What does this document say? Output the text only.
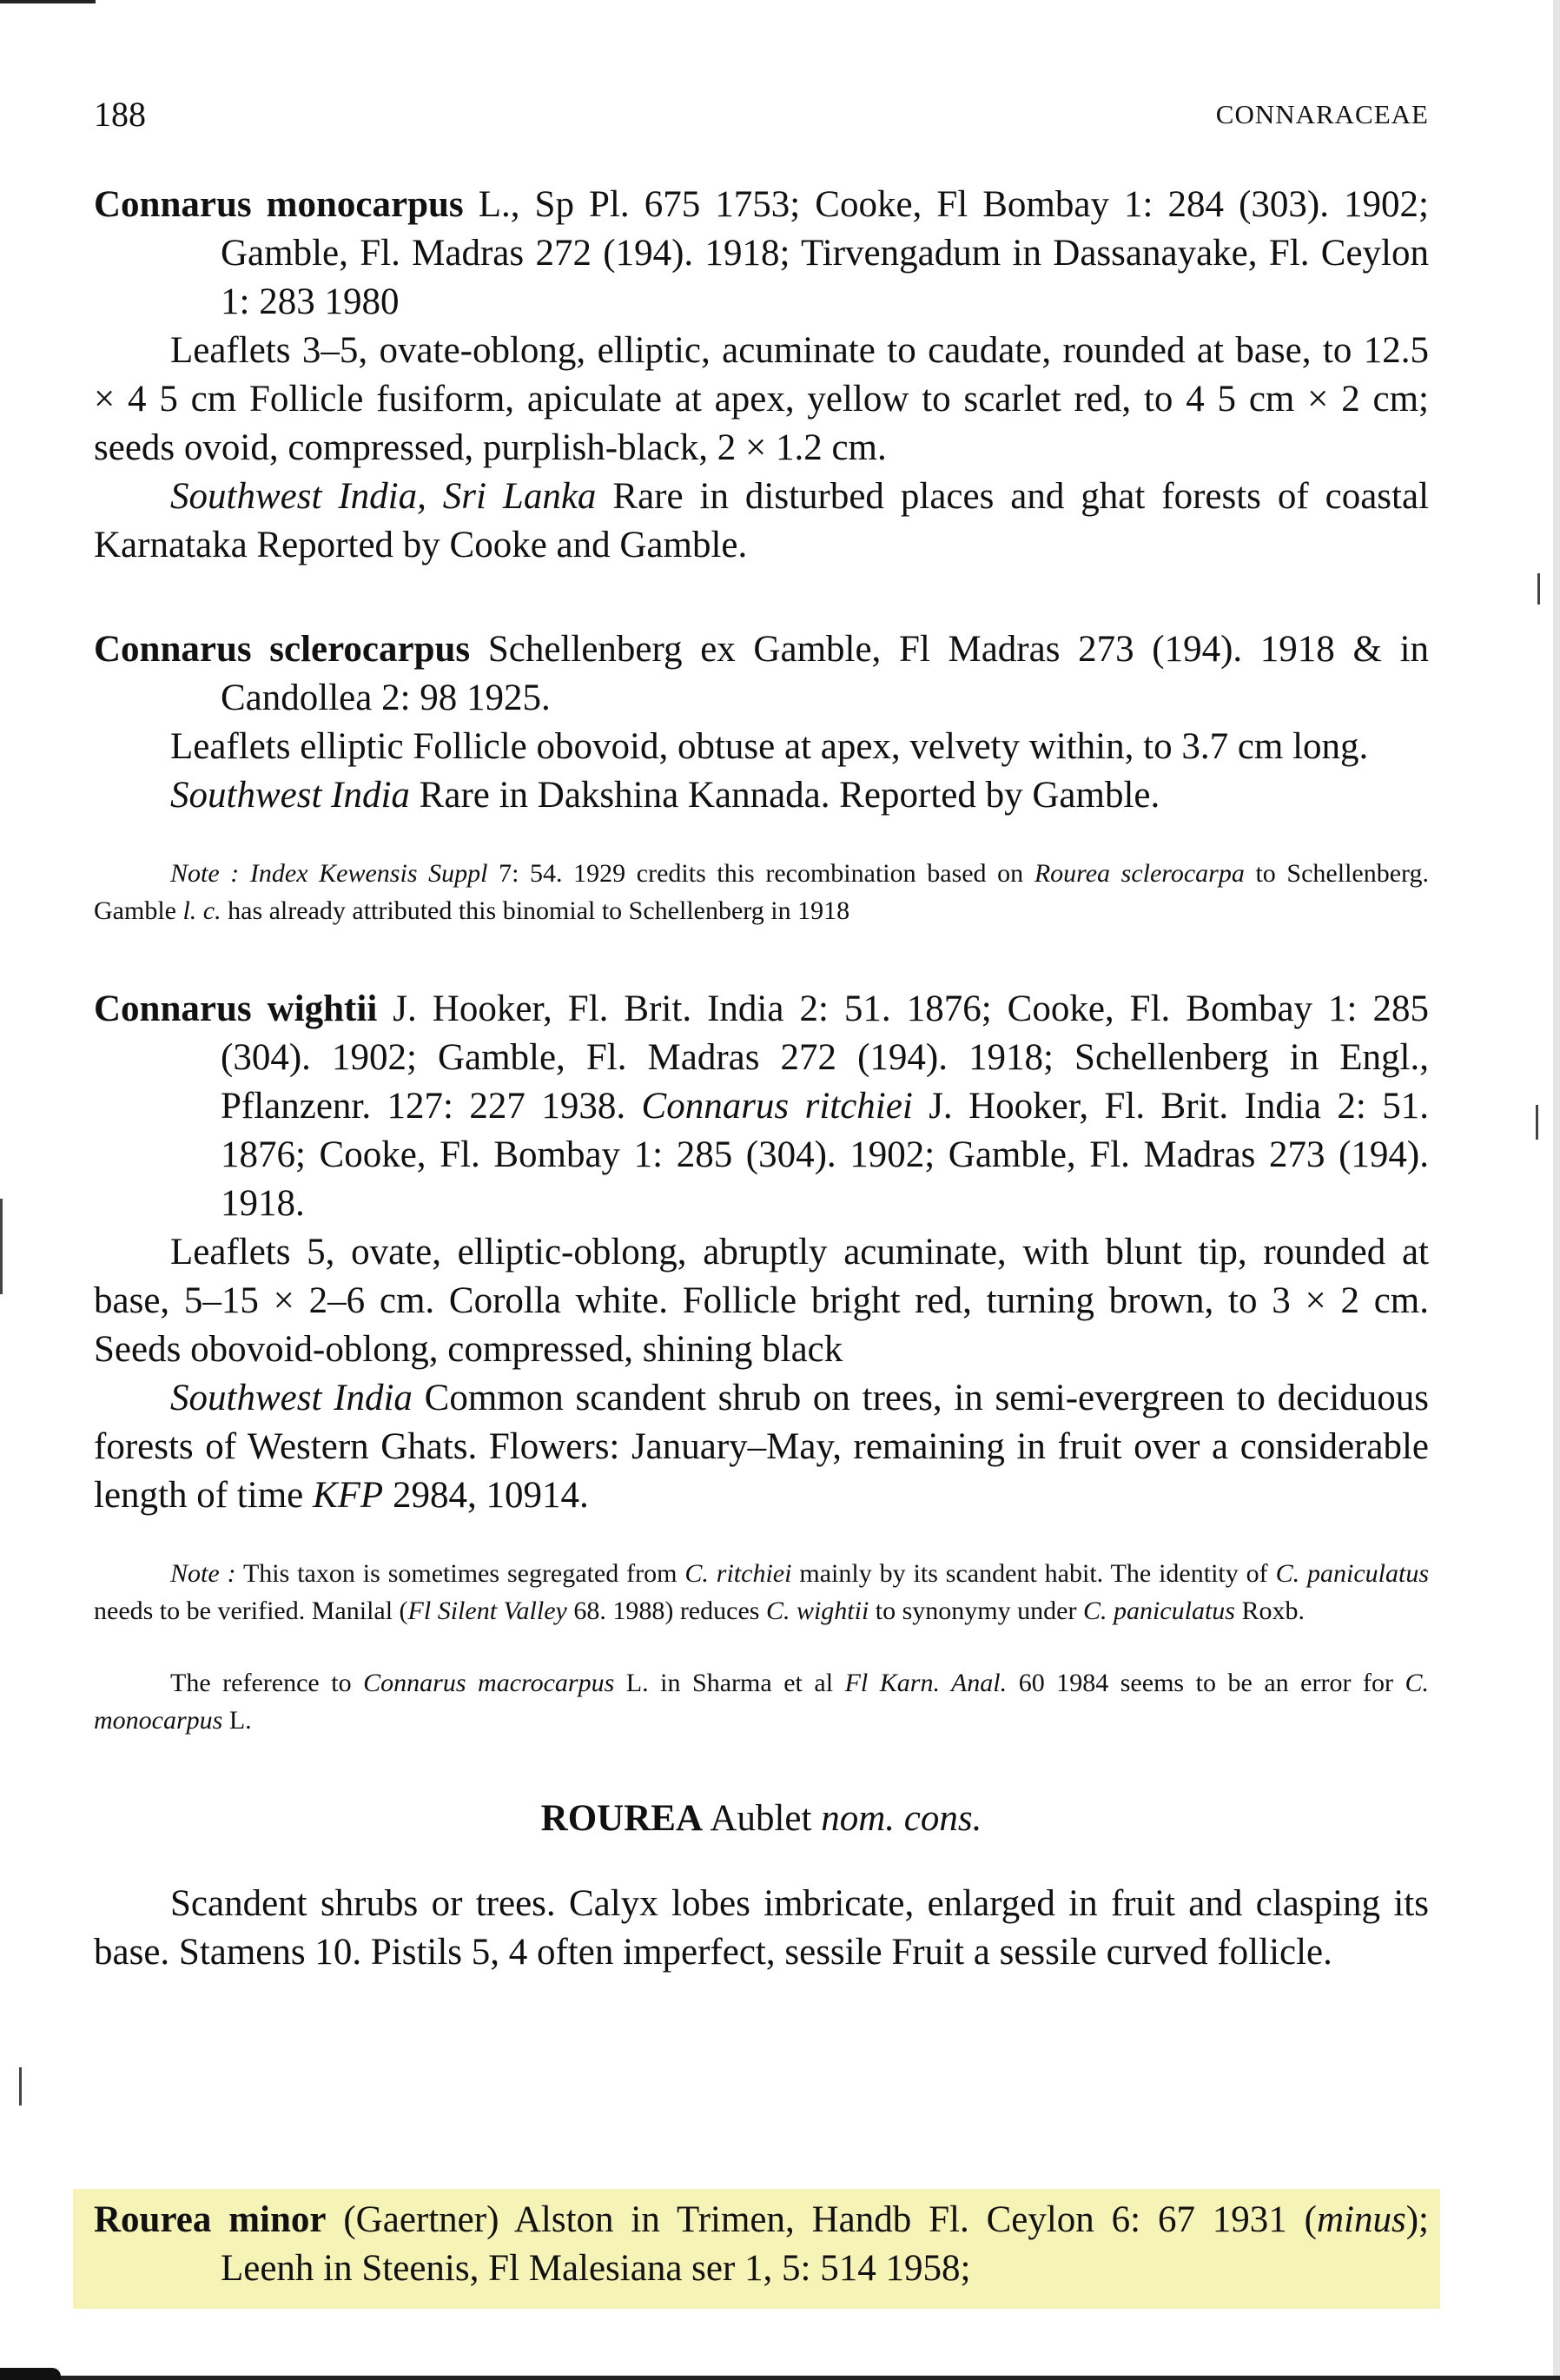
188	CONNARACEAE
Connarus monocarpus L., Sp Pl. 675 1753; Cooke, Fl Bombay 1: 284 (303). 1902; Gamble, Fl. Madras 272 (194). 1918; Tirvengadum in Dassanayake, Fl. Ceylon 1: 283 1980

Leaflets 3–5, ovate-oblong, elliptic, acuminate to caudate, rounded at base, to 12.5 × 4 5 cm Follicle fusiform, apiculate at apex, yellow to scarlet red, to 4 5 cm × 2 cm; seeds ovoid, compressed, purplish-black, 2 × 1.2 cm.

Southwest India, Sri Lanka Rare in disturbed places and ghat forests of coastal Karnataka Reported by Cooke and Gamble.

Connarus sclerocarpus Schellenberg ex Gamble, Fl Madras 273 (194). 1918 & in Candollea 2: 98 1925.

Leaflets elliptic Follicle obovoid, obtuse at apex, velvety within, to 3.7 cm long.

Southwest India Rare in Dakshina Kannada. Reported by Gamble.

Note : Index Kewensis Suppl 7: 54. 1929 credits this recombination based on Rourea sclerocarpa to Schellenberg. Gamble l. c. has already attributed this binomial to Schellenberg in 1918

Connarus wightii J. Hooker, Fl. Brit. India 2: 51. 1876; Cooke, Fl. Bombay 1: 285 (304). 1902; Gamble, Fl. Madras 272 (194). 1918; Schellenberg in Engl., Pflanzenr. 127: 227 1938. Connarus ritchiei J. Hooker, Fl. Brit. India 2: 51. 1876; Cooke, Fl. Bombay 1: 285 (304). 1902; Gamble, Fl. Madras 273 (194). 1918.

Leaflets 5, ovate, elliptic-oblong, abruptly acuminate, with blunt tip, rounded at base, 5–15 × 2–6 cm. Corolla white. Follicle bright red, turning brown, to 3 × 2 cm. Seeds obovoid-oblong, compressed, shining black

Southwest India Common scandent shrub on trees, in semi-evergreen to deciduous forests of Western Ghats. Flowers: January–May, remaining in fruit over a considerable length of time KFP 2984, 10914.

Note : This taxon is sometimes segregated from C. ritchiei mainly by its scandent habit. The identity of C. paniculatus needs to be verified. Manilal (Fl Silent Valley 68. 1988) reduces C. wightii to synonymy under C. paniculatus Roxb.

The reference to Connarus macrocarpus L. in Sharma et al Fl Karn. Anal. 60 1984 seems to be an error for C. monocarpus L.

ROUREA Aublet nom. cons.

Scandent shrubs or trees. Calyx lobes imbricate, enlarged in fruit and clasping its base. Stamens 10. Pistils 5, 4 often imperfect, sessile Fruit a sessile curved follicle.

Rourea minor (Gaertner) Alston in Trimen, Handb Fl. Ceylon 6: 67 1931 (minus); Leenh in Steenis, Fl Malesiana ser 1, 5: 514 1958;
